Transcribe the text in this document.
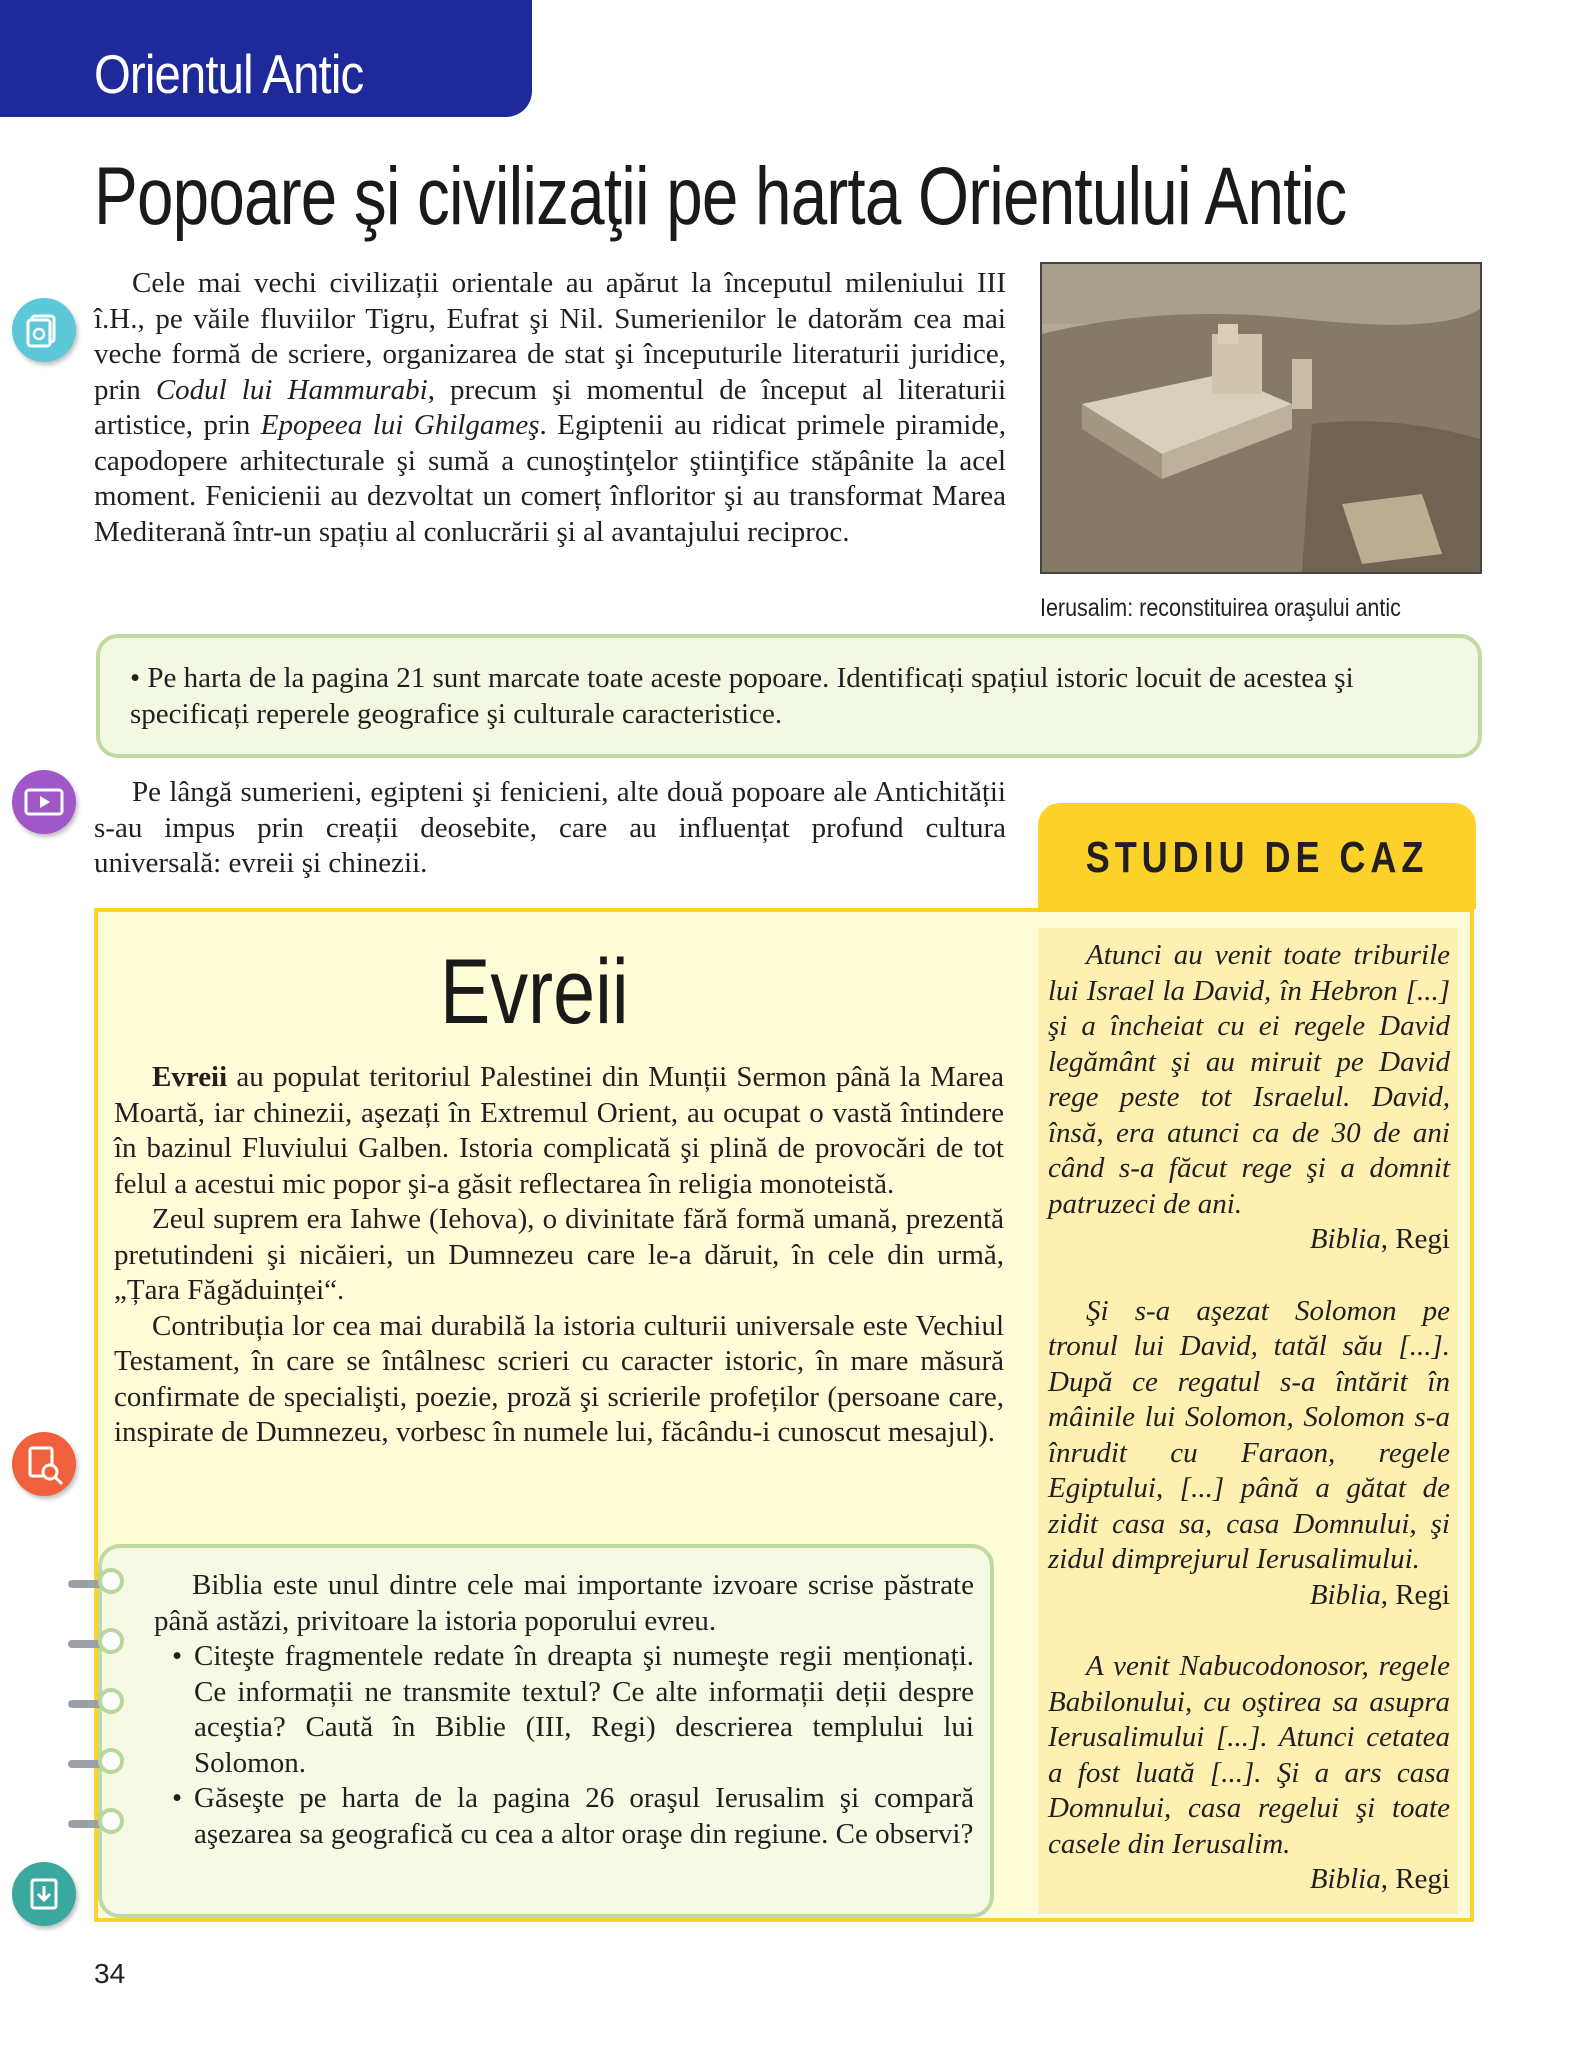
Orientul Antic
Popoare şi civilizaţii pe harta Orientului Antic

Cele mai vechi civilizații orientale au apărut la începutul mileniului III î.H., pe văile fluviilor Tigru, Eufrat şi Nil. Sumerienilor le datorăm cea mai veche formă de scriere, organizarea de stat şi începuturile literaturii juridice, prin Codul lui Hammurabi, precum şi momentul de început al literaturii artistice, prin Epopeea lui Ghilgameş. Egiptenii au ridicat primele piramide, capodopere arhitecturale şi sumă a cunoştinţelor ştiinţifice stăpânite la acel moment. Fenicienii au dezvoltat un comerț înfloritor şi au transformat Marea Mediterană într-un spațiu al conlucrării şi al avantajului reciproc.

Ierusalim: reconstituirea oraşului antic
• Pe harta de la pagina 21 sunt marcate toate aceste popoare. Identificați spațiul istoric locuit de acestea şi specificați reperele geografice şi culturale caracteristice.

Pe lângă sumerieni, egipteni şi fenicieni, alte două popoare ale Antichității s-au impus prin creații deosebite, care au influențat profund cultura universală: evreii şi chinezii.	STUDIU DE CAZ
Evreii

Evreii au populat teritoriul Palestinei din Munții Sermon până la Marea Moartă, iar chinezii, aşezați în Extremul Orient, au ocupat o vastă întindere în bazinul Fluviului Galben. Istoria complicată şi plină de provocări de tot felul a acestui mic popor şi-a găsit reflectarea în religia monoteistă.

Zeul suprem era Iahwe (Iehova), o divinitate fără formă umană, prezentă pretutindeni şi nicăieri, un Dumnezeu care le-a dăruit, în cele din urmă, „Țara Făgăduinței“.

Contribuția lor cea mai durabilă la istoria culturii universale este Vechiul Testament, în care se întâlnesc scrieri cu caracter istoric, în mare măsură confirmate de specialişti, poezie, proză şi scrierile profeților (persoane care, inspirate de Dumnezeu, vorbesc în numele lui, făcându-i cunoscut mesajul).

Biblia este unul dintre cele mai importante izvoare scrise păstrate până astăzi, privitoare la istoria poporului evreu.

• Citeşte fragmentele redate în dreapta şi numeşte regii menționați. Ce informații ne transmite textul? Ce alte informații deții despre aceştia? Caută în Biblie (III, Regi) descrierea templului lui Solomon.
• Găseşte pe harta de la pagina 26 oraşul Ierusalim şi compară aşezarea sa geografică cu cea a altor oraşe din regiune. Ce observi?

Atunci au venit toate triburile lui Israel la David, în Hebron [...] şi a încheiat cu ei regele David legământ şi au miruit pe David rege peste tot Israelul. David, însă, era atunci ca de 30 de ani când s-a făcut rege şi a domnit patruzeci de ani.

Biblia, Regi

Şi s-a aşezat Solomon pe tronul lui David, tatăl său [...]. După ce regatul s-a întărit în mâinile lui Solomon, Solomon s-a înrudit cu Faraon, regele Egiptului, [...] până a gătat de zidit casa sa, casa Domnului, şi zidul dimprejurul Ierusalimului.

Biblia, Regi

A venit Nabucodonosor, regele Babilonului, cu oştirea sa asupra Ierusalimului [...]. Atunci cetatea a fost luată [...]. Şi a ars casa Domnului, casa regelui şi toate casele din Ierusalim.

Biblia, Regi

34
